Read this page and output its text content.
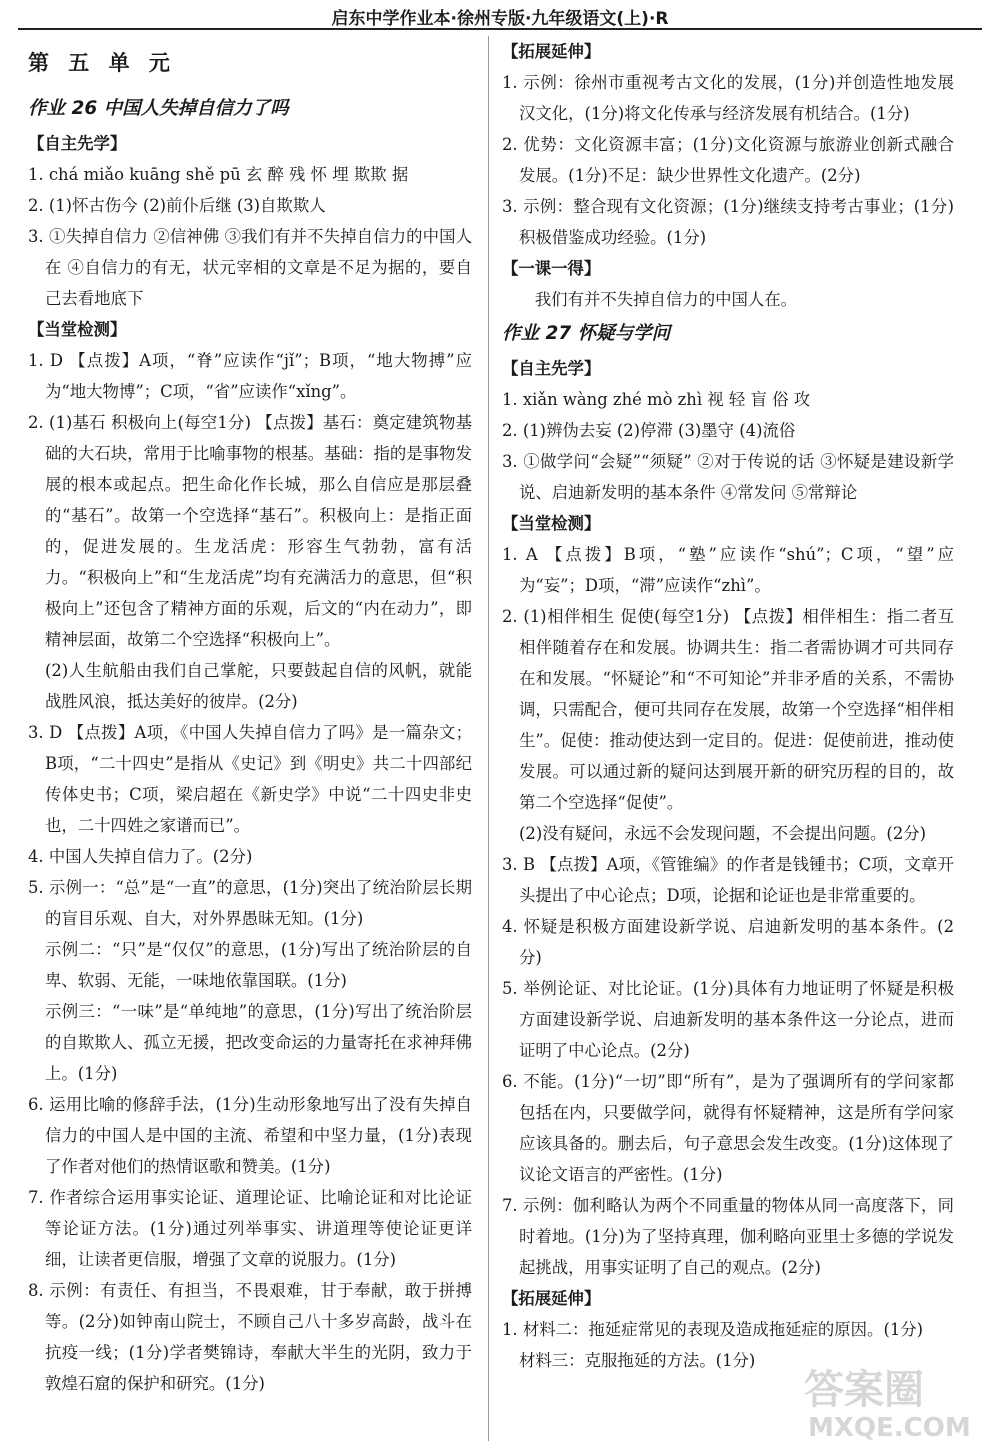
启东中学作业本·徐州专版·九年级语文(上)·R
第 五 单 元
作业 26 中国人失掉自信力了吗
【自主先学】
1. chá miǎo kuāng shě pū 玄 醉 残 怀 埋 欺欺 据
2. (1)怀古伤今 (2)前仆后继 (3)自欺欺人
3. ①失掉自信力 ②信神佛 ③我们有并不失掉自信力的中国人在 ④自信力的有无，状元宰相的文章是不足为据的，要自己去看地底下
【当堂检测】
1. D 【点拨】A项，“脊”应读作“jǐ”；B项，“地大物搏”应为“地大物博”；C项，“省”应读作“xǐng”。
2. (1)基石 积极向上(每空1分) 【点拨】基石：奠定建筑物基础的大石块，常用于比喻事物的根基。基础：指的是事物发展的根本或起点。把生命化作长城，那么自信应是那层叠的“基石”。故第一个空选择“基石”。积极向上：是指正面的，促进发展的。生龙活虎：形容生气勃勃，富有活力。“积极向上”和“生龙活虎”均有充满活力的意思，但“积极向上”还包含了精神方面的乐观，后文的“内在动力”，即精神层面，故第二个空选择“积极向上”。
(2)人生航船由我们自己掌舵，只要鼓起自信的风帆，就能战胜风浪，抵达美好的彼岸。(2分)
3. D 【点拨】A项，《中国人失掉自信力了吗》是一篇杂文；B项，“二十四史”是指从《史记》到《明史》共二十四部纪传体史书；C项，梁启超在《新史学》中说“二十四史非史也，二十四姓之家谱而已”。
4. 中国人失掉自信力了。(2分)
5. 示例一：“总”是“一直”的意思，(1分)突出了统治阶层长期的盲目乐观、自大，对外界愚昧无知。(1分)
示例二：“只”是“仅仅”的意思，(1分)写出了统治阶层的自卑、软弱、无能，一味地依靠国联。(1分)
示例三：“一味”是“单纯地”的意思，(1分)写出了统治阶层的自欺欺人、孤立无援，把改变命运的力量寄托在求神拜佛上。(1分)
6. 运用比喻的修辞手法，(1分)生动形象地写出了没有失掉自信力的中国人是中国的主流、希望和中坚力量，(1分)表现了作者对他们的热情讴歌和赞美。(1分)
7. 作者综合运用事实论证、道理论证、比喻论证和对比论证等论证方法。(1分)通过列举事实、讲道理等使论证更详细，让读者更信服，增强了文章的说服力。(1分)
8. 示例：有责任、有担当，不畏艰难，甘于奉献，敢于拼搏等。(2分)如钟南山院士，不顾自己八十多岁高龄，战斗在抗疫一线；(1分)学者樊锦诗，奉献大半生的光阴，致力于敦煌石窟的保护和研究。(1分)
【拓展延伸】
1. 示例：徐州市重视考古文化的发展，(1分)并创造性地发展汉文化，(1分)将文化传承与经济发展有机结合。(1分)
2. 优势：文化资源丰富；(1分)文化资源与旅游业创新式融合发展。(1分)不足：缺少世界性文化遗产。(2分)
3. 示例：整合现有文化资源；(1分)继续支持考古事业；(1分)积极借鉴成功经验。(1分)
【一课一得】
我们有并不失掉自信力的中国人在。
作业 27 怀疑与学问
【自主先学】
1. xiǎn wàng zhé mò zhì 视 轻 盲 俗 攻
2. (1)辨伪去妄 (2)停滞 (3)墨守 (4)流俗
3. ①做学问“会疑”“须疑” ②对于传说的话 ③怀疑是建设新学说、启迪新发明的基本条件 ④常发问 ⑤常辩论
【当堂检测】
1. A 【点拨】B项，“塾”应读作“shú”；C项，“望”应为“妄”；D项，“滞”应读作“zhì”。
2. (1)相伴相生 促使(每空1分) 【点拨】相伴相生：指二者互相伴随着存在和发展。协调共生：指二者需协调才可共同存在和发展。“怀疑论”和“不可知论”并非矛盾的关系，不需协调，只需配合，便可共同存在发展，故第一个空选择“相伴相生”。促使：推动使达到一定目的。促进：促使前进，推动使发展。可以通过新的疑问达到展开新的研究历程的目的，故第二个空选择“促使”。
(2)没有疑问，永远不会发现问题，不会提出问题。(2分)
3. B 【点拨】A项，《管锥编》的作者是钱锺书；C项，文章开头提出了中心论点；D项，论据和论证也是非常重要的。
4. 怀疑是积极方面建设新学说、启迪新发明的基本条件。(2分)
5. 举例论证、对比论证。(1分)具体有力地证明了怀疑是积极方面建设新学说、启迪新发明的基本条件这一分论点，进而证明了中心论点。(2分)
6. 不能。(1分)“一切”即“所有”，是为了强调所有的学问家都包括在内，只要做学问，就得有怀疑精神，这是所有学问家应该具备的。删去后，句子意思会发生改变。(1分)这体现了议论文语言的严密性。(1分)
7. 示例：伽利略认为两个不同重量的物体从同一高度落下，同时着地。(1分)为了坚持真理，伽利略向亚里士多德的学说发起挑战，用事实证明了自己的观点。(2分)
【拓展延伸】
1. 材料二：拖延症常见的表现及造成拖延症的原因。(1分)
材料三：克服拖延的方法。(1分)
答案圈
MXQE.COM
